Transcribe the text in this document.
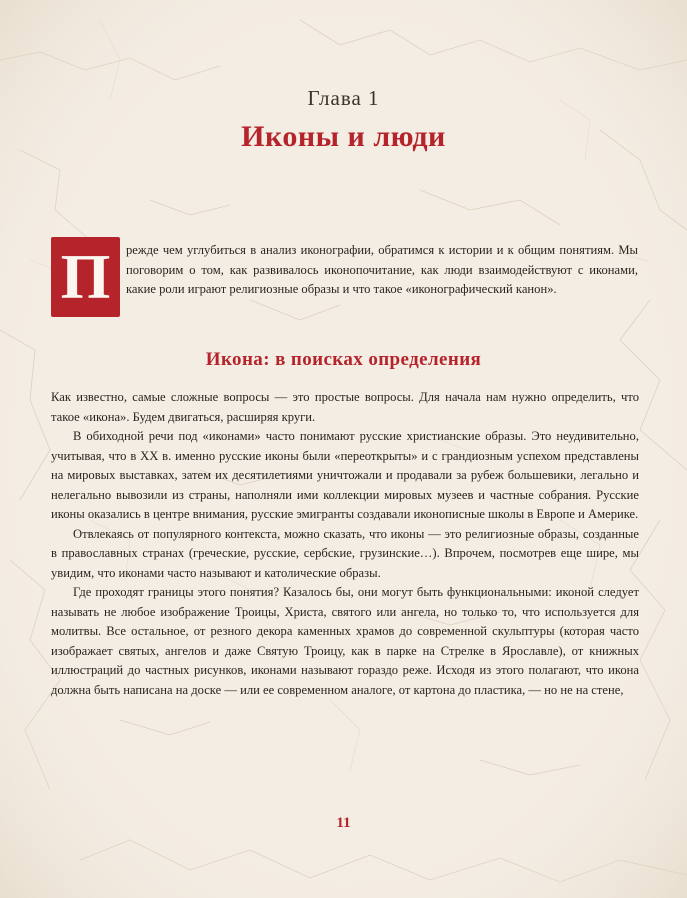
Глава 1
Иконы и люди
П	режде чем углубиться в анализ иконографии, обратимся к истории и к общим понятиям. Мы поговорим о том, как развивалось иконопочитание, как люди взаимодействуют с иконами, какие роли играют религиозные образы и что такое «иконографический канон».
Икона: в поисках определения

Как известно, самые сложные вопросы — это простые вопросы. Для начала нам нужно определить, что такое «икона». Будем двигаться, расширяя круги.

В обиходной речи под «иконами» часто понимают русские христианские образы. Это неудивительно, учитывая, что в XX в. именно русские иконы были «переоткрыты» и с грандиозным успехом представлены на мировых выставках, затем их десятилетиями уничтожали и продавали за рубеж большевики, легально и нелегально вывозили из страны, наполняли ими коллекции мировых музеев и частные собрания. Русские иконы оказались в центре внимания, русские эмигранты создавали иконописные школы в Европе и Америке.

Отвлекаясь от популярного контекста, можно сказать, что иконы — это религиозные образы, созданные в православных странах (греческие, русские, сербские, грузинские…). Впрочем, посмотрев еще шире, мы увидим, что иконами часто называют и католические образы.

Где проходят границы этого понятия? Казалось бы, они могут быть функциональными: иконой следует называть не любое изображение Троицы, Христа, святого или ангела, но только то, что используется для молитвы. Все остальное, от резного декора каменных храмов до современной скульптуры (которая часто изображает святых, ангелов и даже Святую Троицу, как в парке на Стрелке в Ярославле), от книжных иллюстраций до частных рисунков, иконами называют гораздо реже. Исходя из этого полагают, что икона должна быть написана на доске — или ее современном аналоге, от картона до пластика, — но не на стене,

11
